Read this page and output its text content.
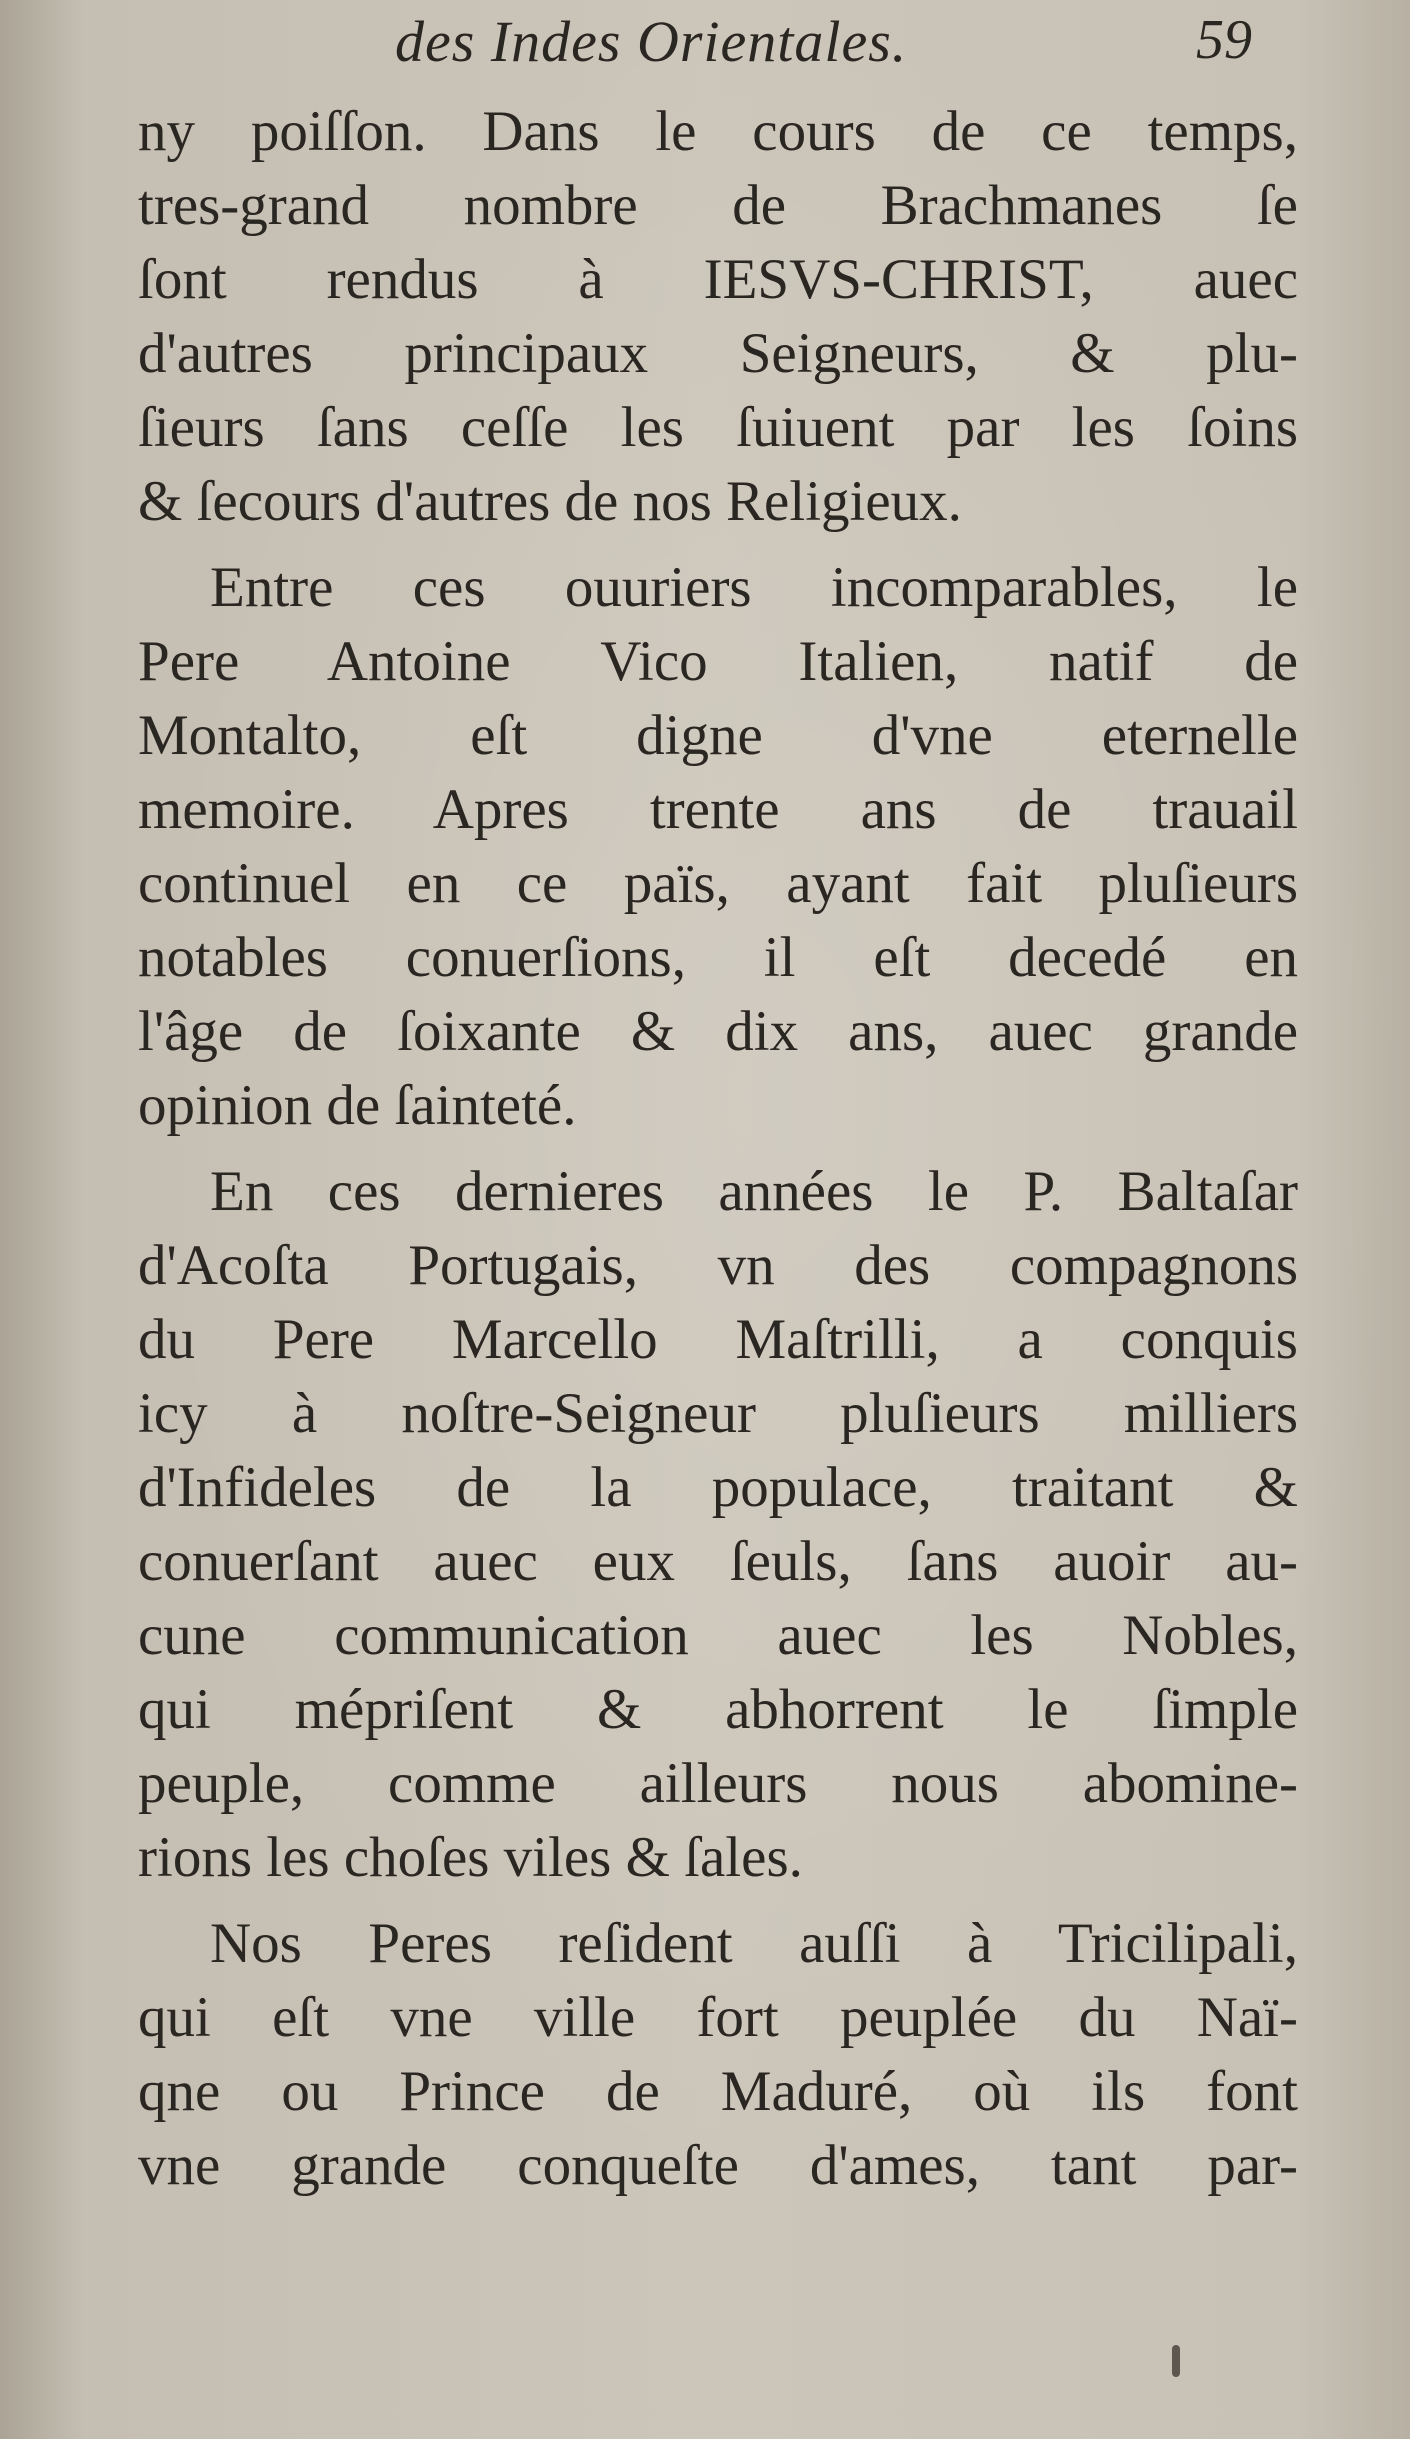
des Indes Orientales.	59
ny poiſſon. Dans le cours de ce temps,
tres-grand nombre de Brachmanes ſe
ſont rendus à IESVS-CHRIST, auec
d'autres principaux Seigneurs, & plu-
ſieurs ſans ceſſe les ſuiuent par les ſoins
& ſecours d'autres de nos Religieux.
Entre ces ouuriers incomparables, le
Pere Antoine Vico Italien, natif de
Montalto, eſt digne d'vne eternelle
memoire. Apres trente ans de trauail
continuel en ce païs, ayant fait pluſieurs
notables conuerſions, il eſt decedé en
l'âge de ſoixante & dix ans, auec grande
opinion de ſainteté.
En ces dernieres années le P. Baltaſar
d'Acoſta Portugais, vn des compagnons
du Pere Marcello Maſtrilli, a conquis
icy à noſtre-Seigneur pluſieurs milliers
d'Infideles de la populace, traitant &
conuerſant auec eux ſeuls, ſans auoir au-
cune communication auec les Nobles,
qui mépriſent & abhorrent le ſimple
peuple, comme ailleurs nous abomine-
rions les choſes viles & ſales.
Nos Peres reſident auſſi à Tricilipali,
qui eſt vne ville fort peuplée du Naï-
qne ou Prince de Maduré, où ils font
vne grande conqueſte d'ames, tant par-
